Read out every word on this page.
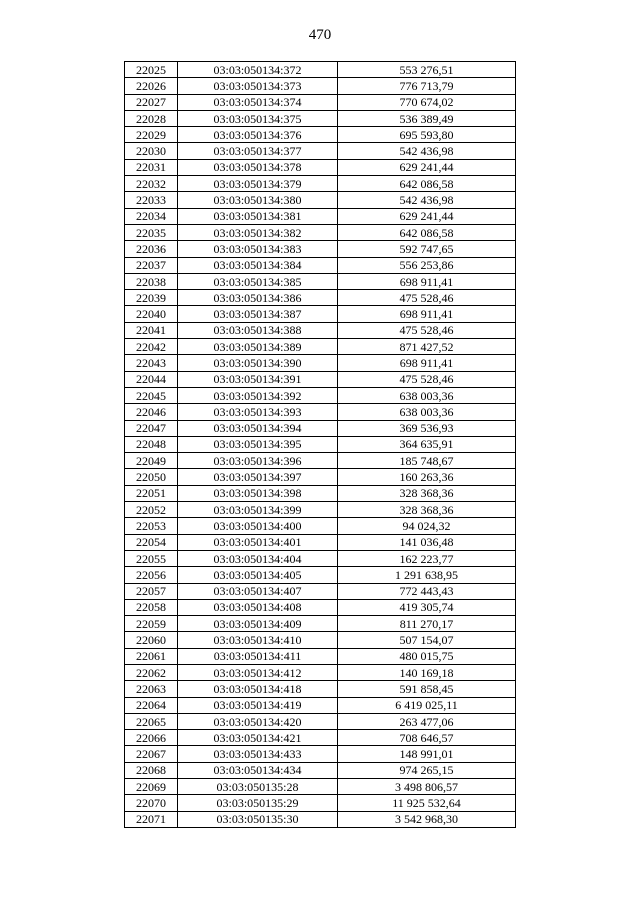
470
22025	03:03:050134:372	553 276,51
22026	03:03:050134:373	776 713,79
22027	03:03:050134:374	770 674,02
22028	03:03:050134:375	536 389,49
22029	03:03:050134:376	695 593,80
22030	03:03:050134:377	542 436,98
22031	03:03:050134:378	629 241,44
22032	03:03:050134:379	642 086,58
22033	03:03:050134:380	542 436,98
22034	03:03:050134:381	629 241,44
22035	03:03:050134:382	642 086,58
22036	03:03:050134:383	592 747,65
22037	03:03:050134:384	556 253,86
22038	03:03:050134:385	698 911,41
22039	03:03:050134:386	475 528,46
22040	03:03:050134:387	698 911,41
22041	03:03:050134:388	475 528,46
22042	03:03:050134:389	871 427,52
22043	03:03:050134:390	698 911,41
22044	03:03:050134:391	475 528,46
22045	03:03:050134:392	638 003,36
22046	03:03:050134:393	638 003,36
22047	03:03:050134:394	369 536,93
22048	03:03:050134:395	364 635,91
22049	03:03:050134:396	185 748,67
22050	03:03:050134:397	160 263,36
22051	03:03:050134:398	328 368,36
22052	03:03:050134:399	328 368,36
22053	03:03:050134:400	94 024,32
22054	03:03:050134:401	141 036,48
22055	03:03:050134:404	162 223,77
22056	03:03:050134:405	1 291 638,95
22057	03:03:050134:407	772 443,43
22058	03:03:050134:408	419 305,74
22059	03:03:050134:409	811 270,17
22060	03:03:050134:410	507 154,07
22061	03:03:050134:411	480 015,75
22062	03:03:050134:412	140 169,18
22063	03:03:050134:418	591 858,45
22064	03:03:050134:419	6 419 025,11
22065	03:03:050134:420	263 477,06
22066	03:03:050134:421	708 646,57
22067	03:03:050134:433	148 991,01
22068	03:03:050134:434	974 265,15
22069	03:03:050135:28	3 498 806,57
22070	03:03:050135:29	11 925 532,64
22071	03:03:050135:30	3 542 968,30
